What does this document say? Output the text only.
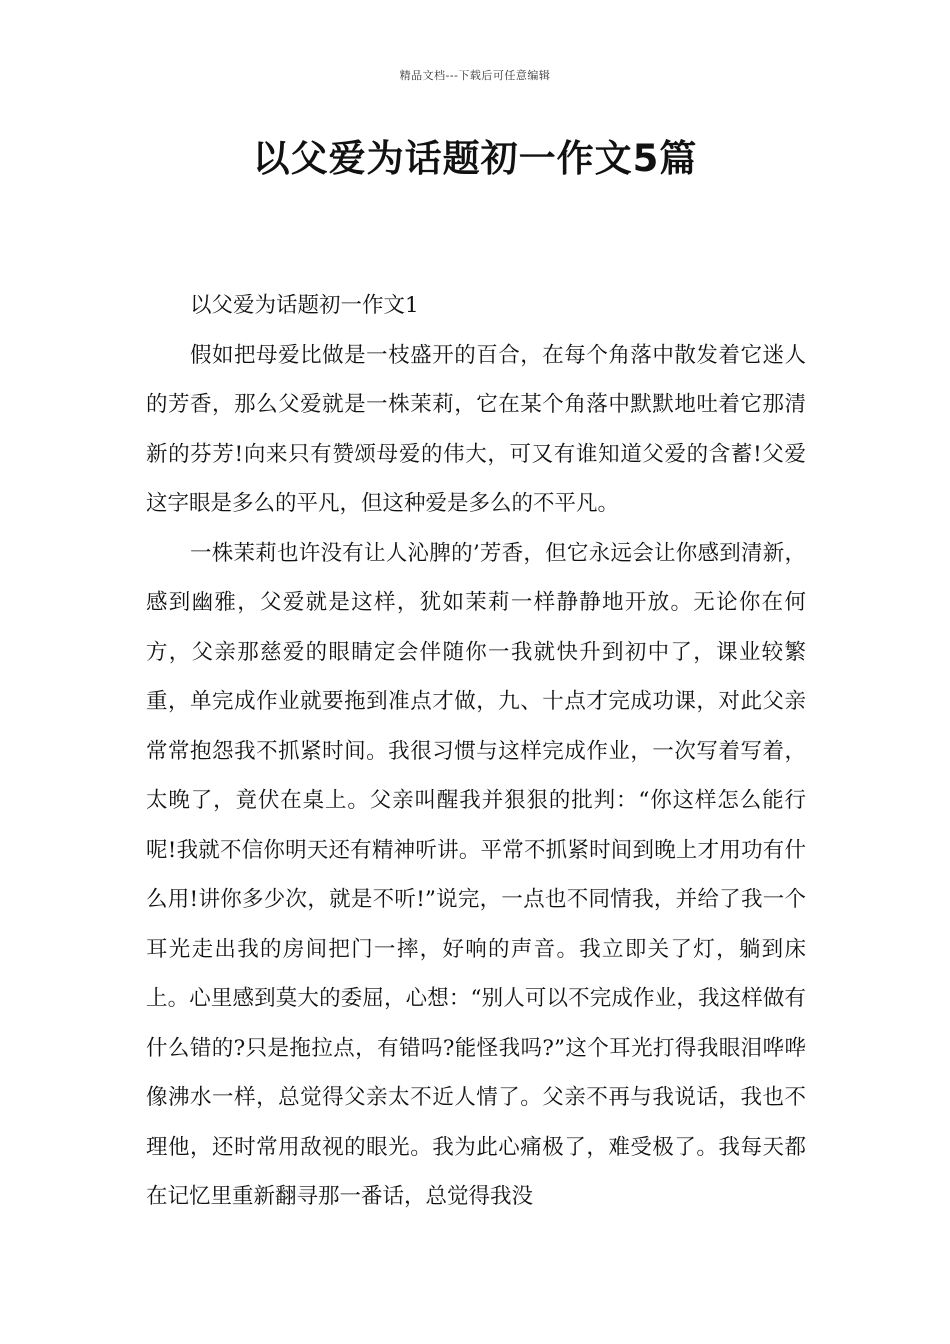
精品文档---下载后可任意编辑
以父爱为话题初一作文5篇

以父爱为话题初一作文1

假如把母爱比做是一枝盛开的百合，在每个角落中散发着它迷人的芳香，那么父爱就是一株茉莉，它在某个角落中默默地吐着它那清新的芬芳!向来只有赞颂母爱的伟大，可又有谁知道父爱的含蓄!父爱这字眼是多么的平凡，但这种爱是多么的不平凡。

一株茉莉也许没有让人沁脾的’芳香，但它永远会让你感到清新，感到幽雅，父爱就是这样，犹如茉莉一样静静地开放。无论你在何方，父亲那慈爱的眼睛定会伴随你一我就快升到初中了，课业较繁重，单完成作业就要拖到准点才做，九、十点才完成功课，对此父亲常常抱怨我不抓紧时间。我很习惯与这样完成作业，一次写着写着，太晚了，竟伏在桌上。父亲叫醒我并狠狠的批判：“你这样怎么能行呢!我就不信你明天还有精神听讲。平常不抓紧时间到晚上才用功有什么用!讲你多少次，就是不听!”说完，一点也不同情我，并给了我一个耳光走出我的房间把门一摔，好响的声音。我立即关了灯，躺到床上。心里感到莫大的委屈，心想：“别人可以不完成作业，我这样做有什么错的?只是拖拉点，有错吗?能怪我吗?”这个耳光打得我眼泪哗哗像沸水一样，总觉得父亲太不近人情了。父亲不再与我说话，我也不理他，还时常用敌视的眼光。我为此心痛极了，难受极了。我每天都在记忆里重新翻寻那一番话，总觉得我没
